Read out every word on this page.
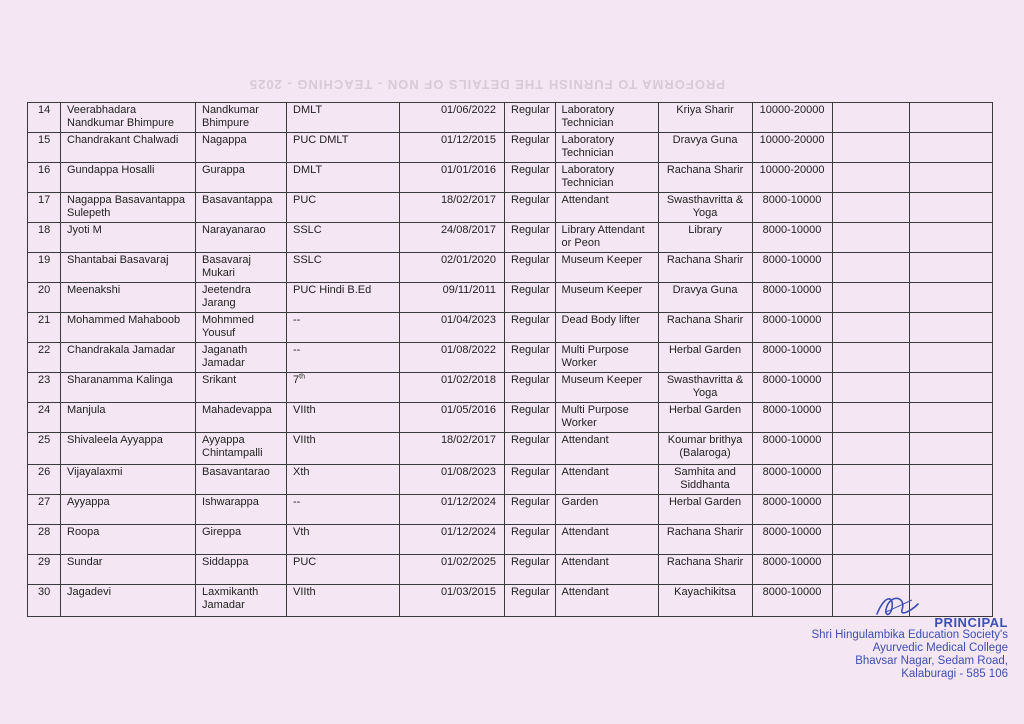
PROFORMA TO FURNISH THE DETAILS OF NON - TEACHING - 2025
14	Veerabhadara Nandkumar Bhimpure	Nandkumar Bhimpure	DMLT	01/06/2022	Regular	Laboratory Technician	Kriya Sharir	10000-20000		
15	Chandrakant Chalwadi	Nagappa	PUC DMLT	01/12/2015	Regular	Laboratory Technician	Dravya Guna	10000-20000		
16	Gundappa Hosalli	Gurappa	DMLT	01/01/2016	Regular	Laboratory Technician	Rachana Sharir	10000-20000		
17	Nagappa Basavantappa Sulepeth	Basavantappa	PUC	18/02/2017	Regular	Attendant	Swasthavritta & Yoga	8000-10000		
18	Jyoti M	Narayanarao	SSLC	24/08/2017	Regular	Library Attendant or Peon	Library	8000-10000		
19	Shantabai Basavaraj	Basavaraj Mukari	SSLC	02/01/2020	Regular	Museum Keeper	Rachana Sharir	8000-10000		
20	Meenakshi	Jeetendra Jarang	PUC Hindi B.Ed	09/11/2011	Regular	Museum Keeper	Dravya Guna	8000-10000		
21	Mohammed Mahaboob	Mohmmed Yousuf	--	01/04/2023	Regular	Dead Body lifter	Rachana Sharir	8000-10000		
22	Chandrakala Jamadar	Jaganath Jamadar	--	01/08/2022	Regular	Multi Purpose Worker	Herbal Garden	8000-10000		
23	Sharanamma Kalinga	Srikant	7th	01/02/2018	Regular	Museum Keeper	Swasthavritta & Yoga	8000-10000		
24	Manjula	Mahadevappa	VIIth	01/05/2016	Regular	Multi Purpose Worker	Herbal Garden	8000-10000		
25	Shivaleela Ayyappa	Ayyappa Chintampalli	VIIth	18/02/2017	Regular	Attendant	Koumar brithya (Balaroga)	8000-10000		
26	Vijayalaxmi	Basavantarao	Xth	01/08/2023	Regular	Attendant	Samhita and Siddhanta	8000-10000		
27	Ayyappa	Ishwarappa	--	01/12/2024	Regular	Garden	Herbal Garden	8000-10000		
28	Roopa	Gireppa	Vth	01/12/2024	Regular	Attendant	Rachana Sharir	8000-10000		
29	Sundar	Siddappa	PUC	01/02/2025	Regular	Attendant	Rachana Sharir	8000-10000		
30	Jagadevi	Laxmikanth Jamadar	VIIth	01/03/2015	Regular	Attendant	Kayachikitsa	8000-10000		
PRINCIPAL
Shri Hingulambika Education Society's
Ayurvedic Medical College
Bhavsar Nagar, Sedam Road,
Kalaburagi - 585 106
